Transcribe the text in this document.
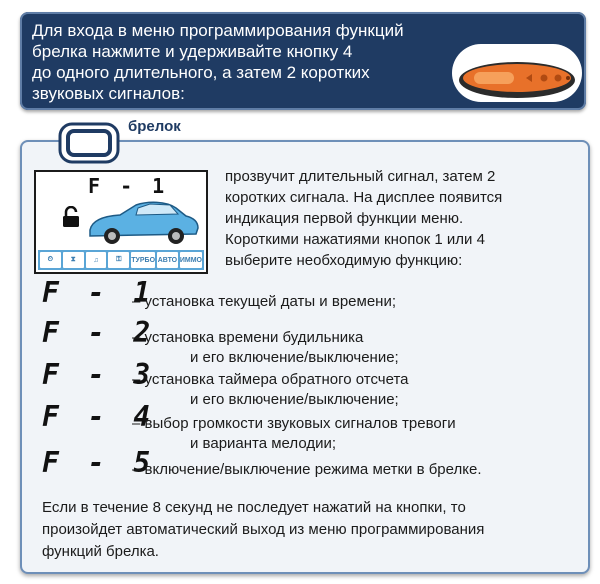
Для входа в меню программирования функций
брелка нажмите и удерживайте кнопку 4
до одного длительного, а затем 2 коротких
звуковых сигналов:
брелок
F - 1
⏲	⧗	♫	⚿	ТУРБО АВТО ИММО
прозвучит длительный сигнал, затем 2
коротких сигнала. На дисплее появится
индикация первой функции меню.
Короткими нажатиями кнопок 1 или 4
выберите необходимую функцию:
F - 1
– установка текущей даты и времени;
F - 2
– установка времени будильника
и его включение/выключение;
F - 3
– установка таймера обратного отсчета
и его включение/выключение;
F - 4
– выбор громкости звуковых сигналов тревоги
и варианта мелодии;
F - 5
– включение/выключение режима метки в брелке.
Если в течение 8 секунд не последует нажатий на кнопки, то
произойдет автоматический выход из меню программирования
функций брелка.
